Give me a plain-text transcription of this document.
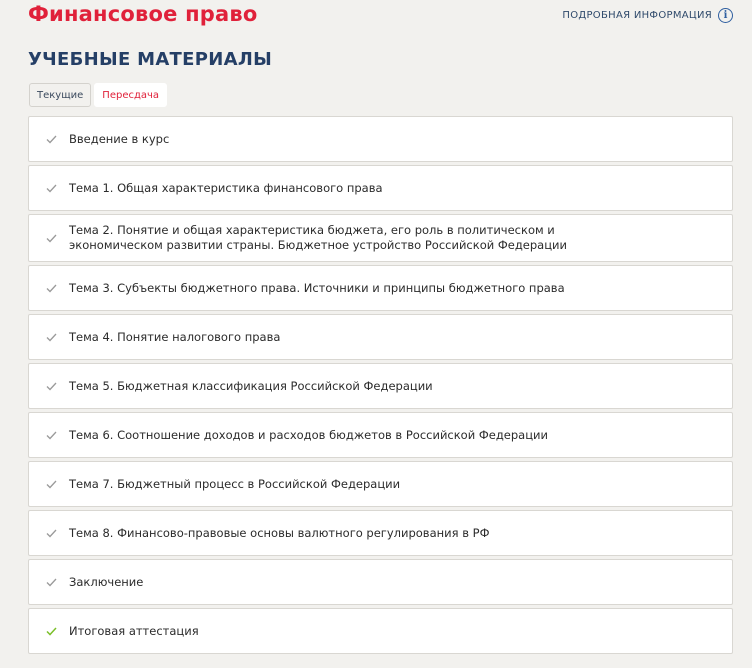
Финансовое право	ПОДРОБНАЯ ИНФОРМАЦИЯ	i
УЧЕБНЫЕ МАТЕРИАЛЫ
Текущие	Пересдача
Введение в курс
Тема 1. Общая характеристика финансового права
Тема 2. Понятие и общая характеристика бюджета, его роль в политическом и экономическом развитии страны. Бюджетное устройство Российской Федерации
Тема 3. Субъекты бюджетного права. Источники и принципы бюджетного права
Тема 4. Понятие налогового права
Тема 5. Бюджетная классификация Российской Федерации
Тема 6. Соотношение доходов и расходов бюджетов в Российской Федерации
Тема 7. Бюджетный процесс в Российской Федерации
Тема 8. Финансово-правовые основы валютного регулирования в РФ
Заключение
Итоговая аттестация
